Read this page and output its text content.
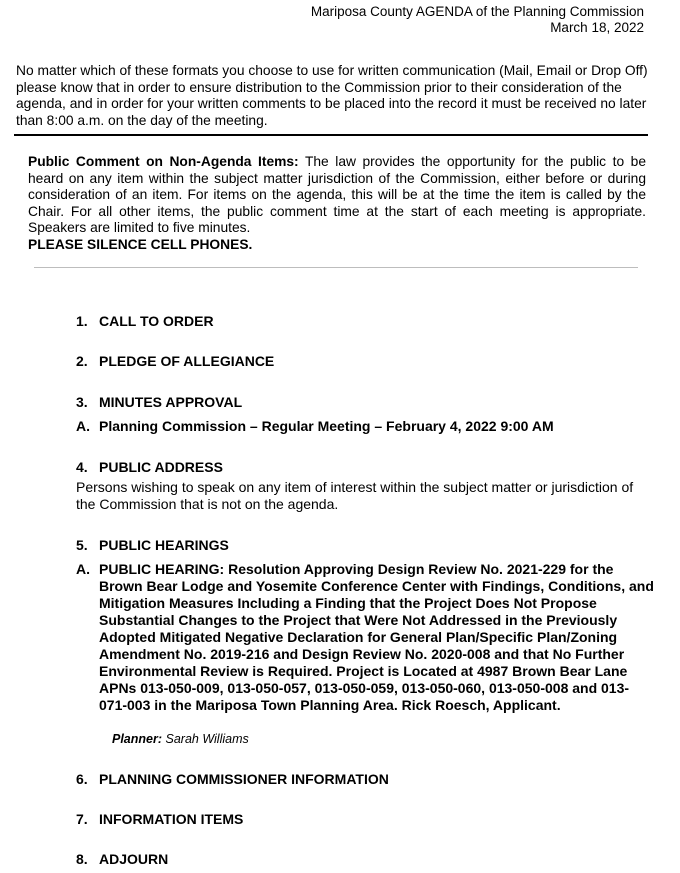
Mariposa County AGENDA of the Planning Commission
March 18, 2022
No matter which of these formats you choose to use for written communication (Mail, Email or Drop Off) please know that in order to ensure distribution to the Commission prior to their consideration of the agenda, and in order for your written comments to be placed into the record it must be received no later than 8:00 a.m. on the day of the meeting.
Public Comment on Non-Agenda Items: The law provides the opportunity for the public to be heard on any item within the subject matter jurisdiction of the Commission, either before or during consideration of an item. For items on the agenda, this will be at the time the item is called by the Chair. For all other items, the public comment time at the start of each meeting is appropriate. Speakers are limited to five minutes.
PLEASE SILENCE CELL PHONES.
1. CALL TO ORDER
2. PLEDGE OF ALLEGIANCE
3. MINUTES APPROVAL
A. Planning Commission – Regular Meeting – February 4, 2022 9:00 AM
4. PUBLIC ADDRESS
Persons wishing to speak on any item of interest within the subject matter or jurisdiction of the Commission that is not on the agenda.
5. PUBLIC HEARINGS
A. PUBLIC HEARING: Resolution Approving Design Review No. 2021-229 for the Brown Bear Lodge and Yosemite Conference Center with Findings, Conditions, and Mitigation Measures Including a Finding that the Project Does Not Propose Substantial Changes to the Project that Were Not Addressed in the Previously Adopted Mitigated Negative Declaration for General Plan/Specific Plan/Zoning Amendment No. 2019-216 and Design Review No. 2020-008 and that No Further Environmental Review is Required. Project is Located at 4987 Brown Bear Lane APNs 013-050-009, 013-050-057, 013-050-059, 013-050-060, 013-050-008 and 013-071-003 in the Mariposa Town Planning Area. Rick Roesch, Applicant.
Planner: Sarah Williams
6. PLANNING COMMISSIONER INFORMATION
7. INFORMATION ITEMS
8. ADJOURN
